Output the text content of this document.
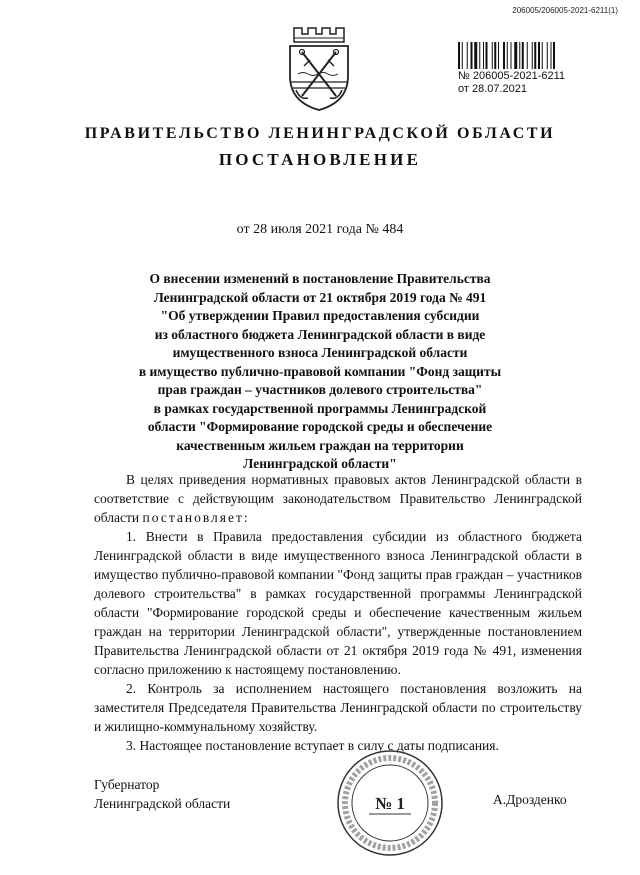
206005/206005-2021-6211(1)
№ 206005-2021-6211
от 28.07.2021
ПРАВИТЕЛЬСТВО ЛЕНИНГРАДСКОЙ ОБЛАСТИ
ПОСТАНОВЛЕНИЕ
от 28 июля 2021 года № 484
О внесении изменений в постановление Правительства
Ленинградской области от 21 октября 2019 года № 491
"Об утверждении Правил предоставления субсидии
из областного бюджета Ленинградской области в виде
имущественного взноса Ленинградской области
в имущество публично-правовой компании "Фонд защиты
прав граждан – участников долевого строительства"
в рамках государственной программы Ленинградской
области "Формирование городской среды и обеспечение
качественным жильем граждан на территории
Ленинградской области"

В целях приведения нормативных правовых актов Ленинградской области в соответствие с действующим законодательством Правительство Ленинградской области постановляет:

1. Внести в Правила предоставления субсидии из областного бюджета Ленинградской области в виде имущественного взноса Ленинградской области в имущество публично-правовой компании "Фонд защиты прав граждан – участников долевого строительства" в рамках государственной программы Ленинградской области "Формирование городской среды и обеспечение качественным жильем граждан на территории Ленинградской области", утвержденные постановлением Правительства Ленинградской области от 21 октября 2019 года № 491, изменения согласно приложению к настоящему постановлению.

2. Контроль за исполнением настоящего постановления возложить на заместителя Председателя Правительства Ленинградской области по строительству и жилищно-коммунальному хозяйству.

3. Настоящее постановление вступает в силу с даты подписания.

Губернатор
Ленинградской области	№ 1	А.Дрозденко
